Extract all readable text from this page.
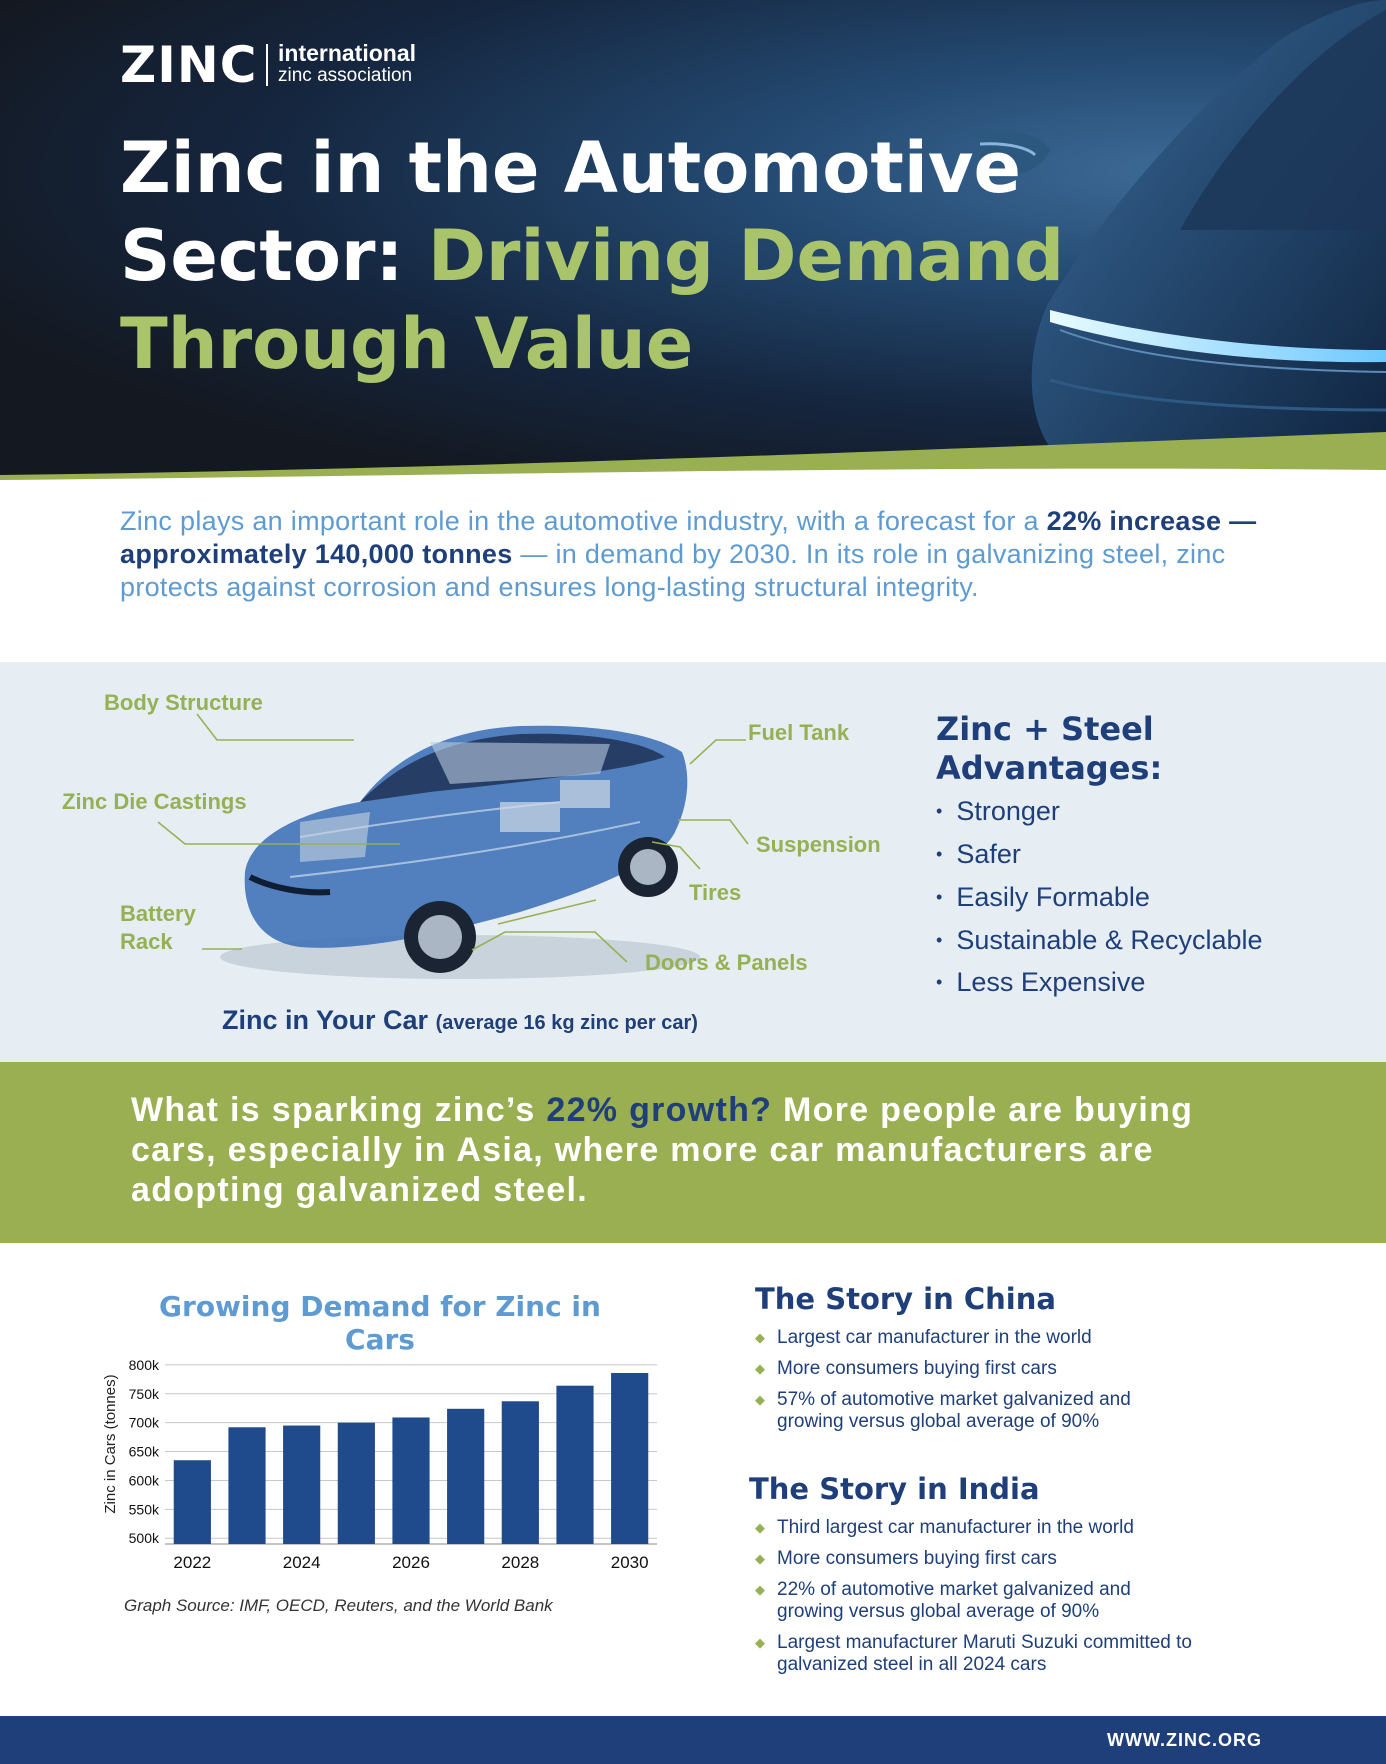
ZINC international
zinc association
Zinc in the Automotive
Sector: Driving Demand
Through Value
Zinc plays an important role in the automotive industry, with a forecast for a 22% increase — approximately 140,000 tonnes — in demand by 2030. In its role in galvanizing steel, zinc protects against corrosion and ensures long-lasting structural integrity.
Body Structure
Zinc Die Castings
Battery Rack
Fuel Tank
Suspension
Tires
Doors & Panels
Zinc in Your Car (average 16 kg zinc per car)
Zinc + Steel
Advantages:
• Stronger
• Safer
• Easily Formable
• Sustainable & Recyclable
• Less Expensive
What is sparking zinc’s 22% growth? More people are buying cars, especially in Asia, where more car manufacturers are adopting galvanized steel.
Growing Demand for Zinc in Cars
800k
750k
700k
650k
600k
550k
500k
2022	2024	2026	2028	2030
Zinc in Cars (tonnes)
Graph Source: IMF, OECD, Reuters, and the World Bank
The Story in China
◆ Largest car manufacturer in the world
◆ More consumers buying first cars
◆ 57% of automotive market galvanized and growing versus global average of 90%
The Story in India
◆ Third largest car manufacturer in the world
◆ More consumers buying first cars
◆ 22% of automotive market galvanized and growing versus global average of 90%
◆ Largest manufacturer Maruti Suzuki committed to galvanized steel in all 2024 cars
WWW.ZINC.ORG
